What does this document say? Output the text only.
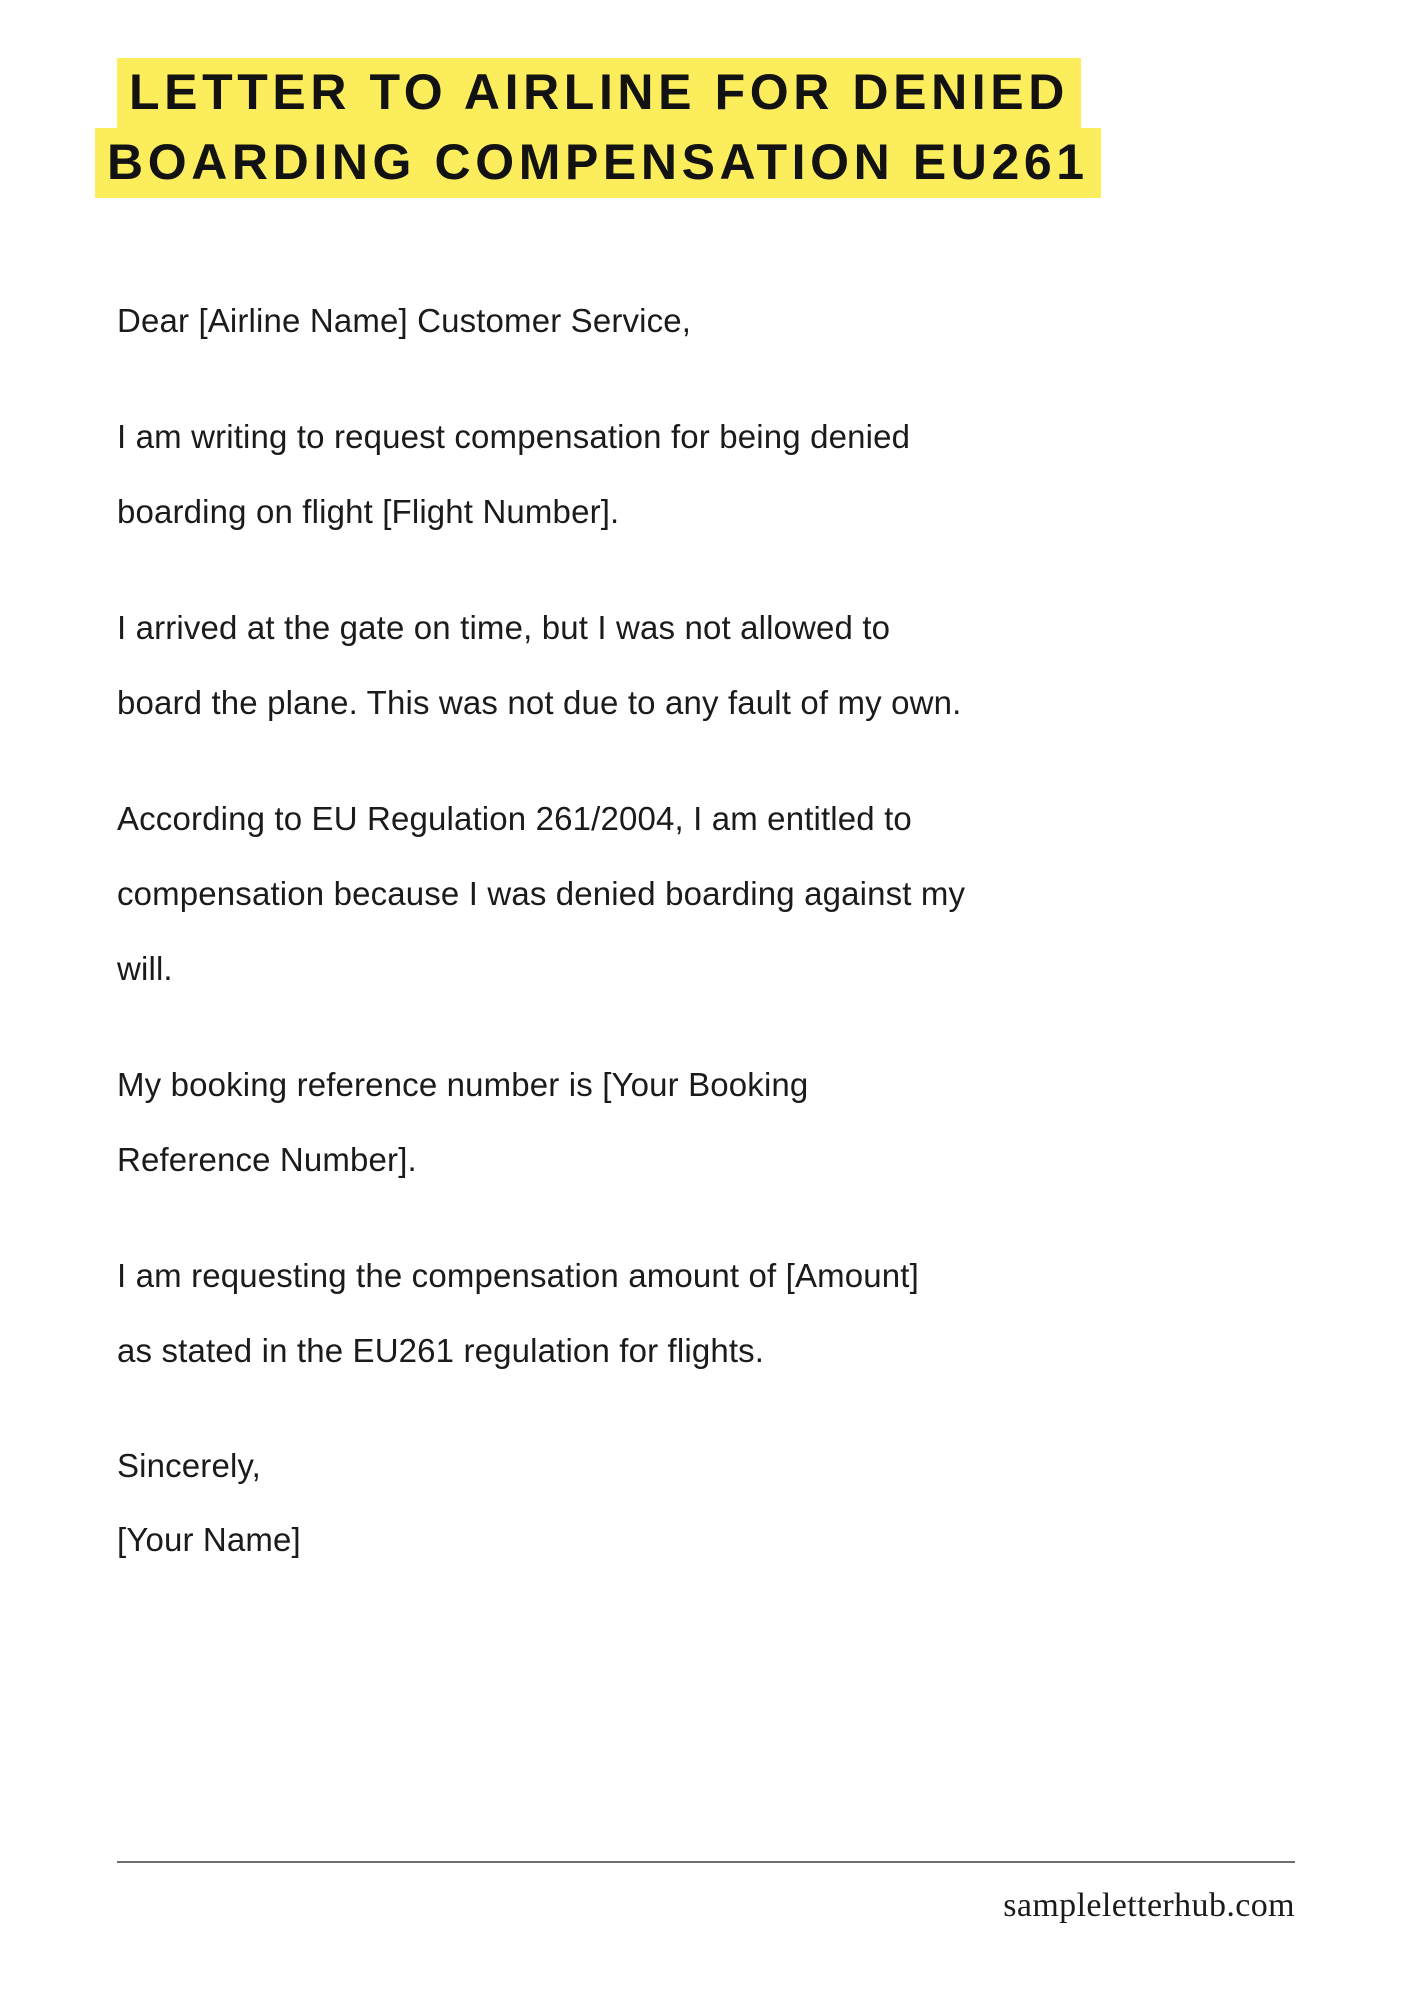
LETTER TO AIRLINE FOR DENIED
BOARDING COMPENSATION EU261

Dear [Airline Name] Customer Service,

I am writing to request compensation for being denied
boarding on flight [Flight Number].

I arrived at the gate on time, but I was not allowed to
board the plane. This was not due to any fault of my own.

According to EU Regulation 261/2004, I am entitled to
compensation because I was denied boarding against my
will.

My booking reference number is [Your Booking
Reference Number].

I am requesting the compensation amount of [Amount]
as stated in the EU261 regulation for flights.

Sincerely,
[Your Name]

sampleletterhub.com
